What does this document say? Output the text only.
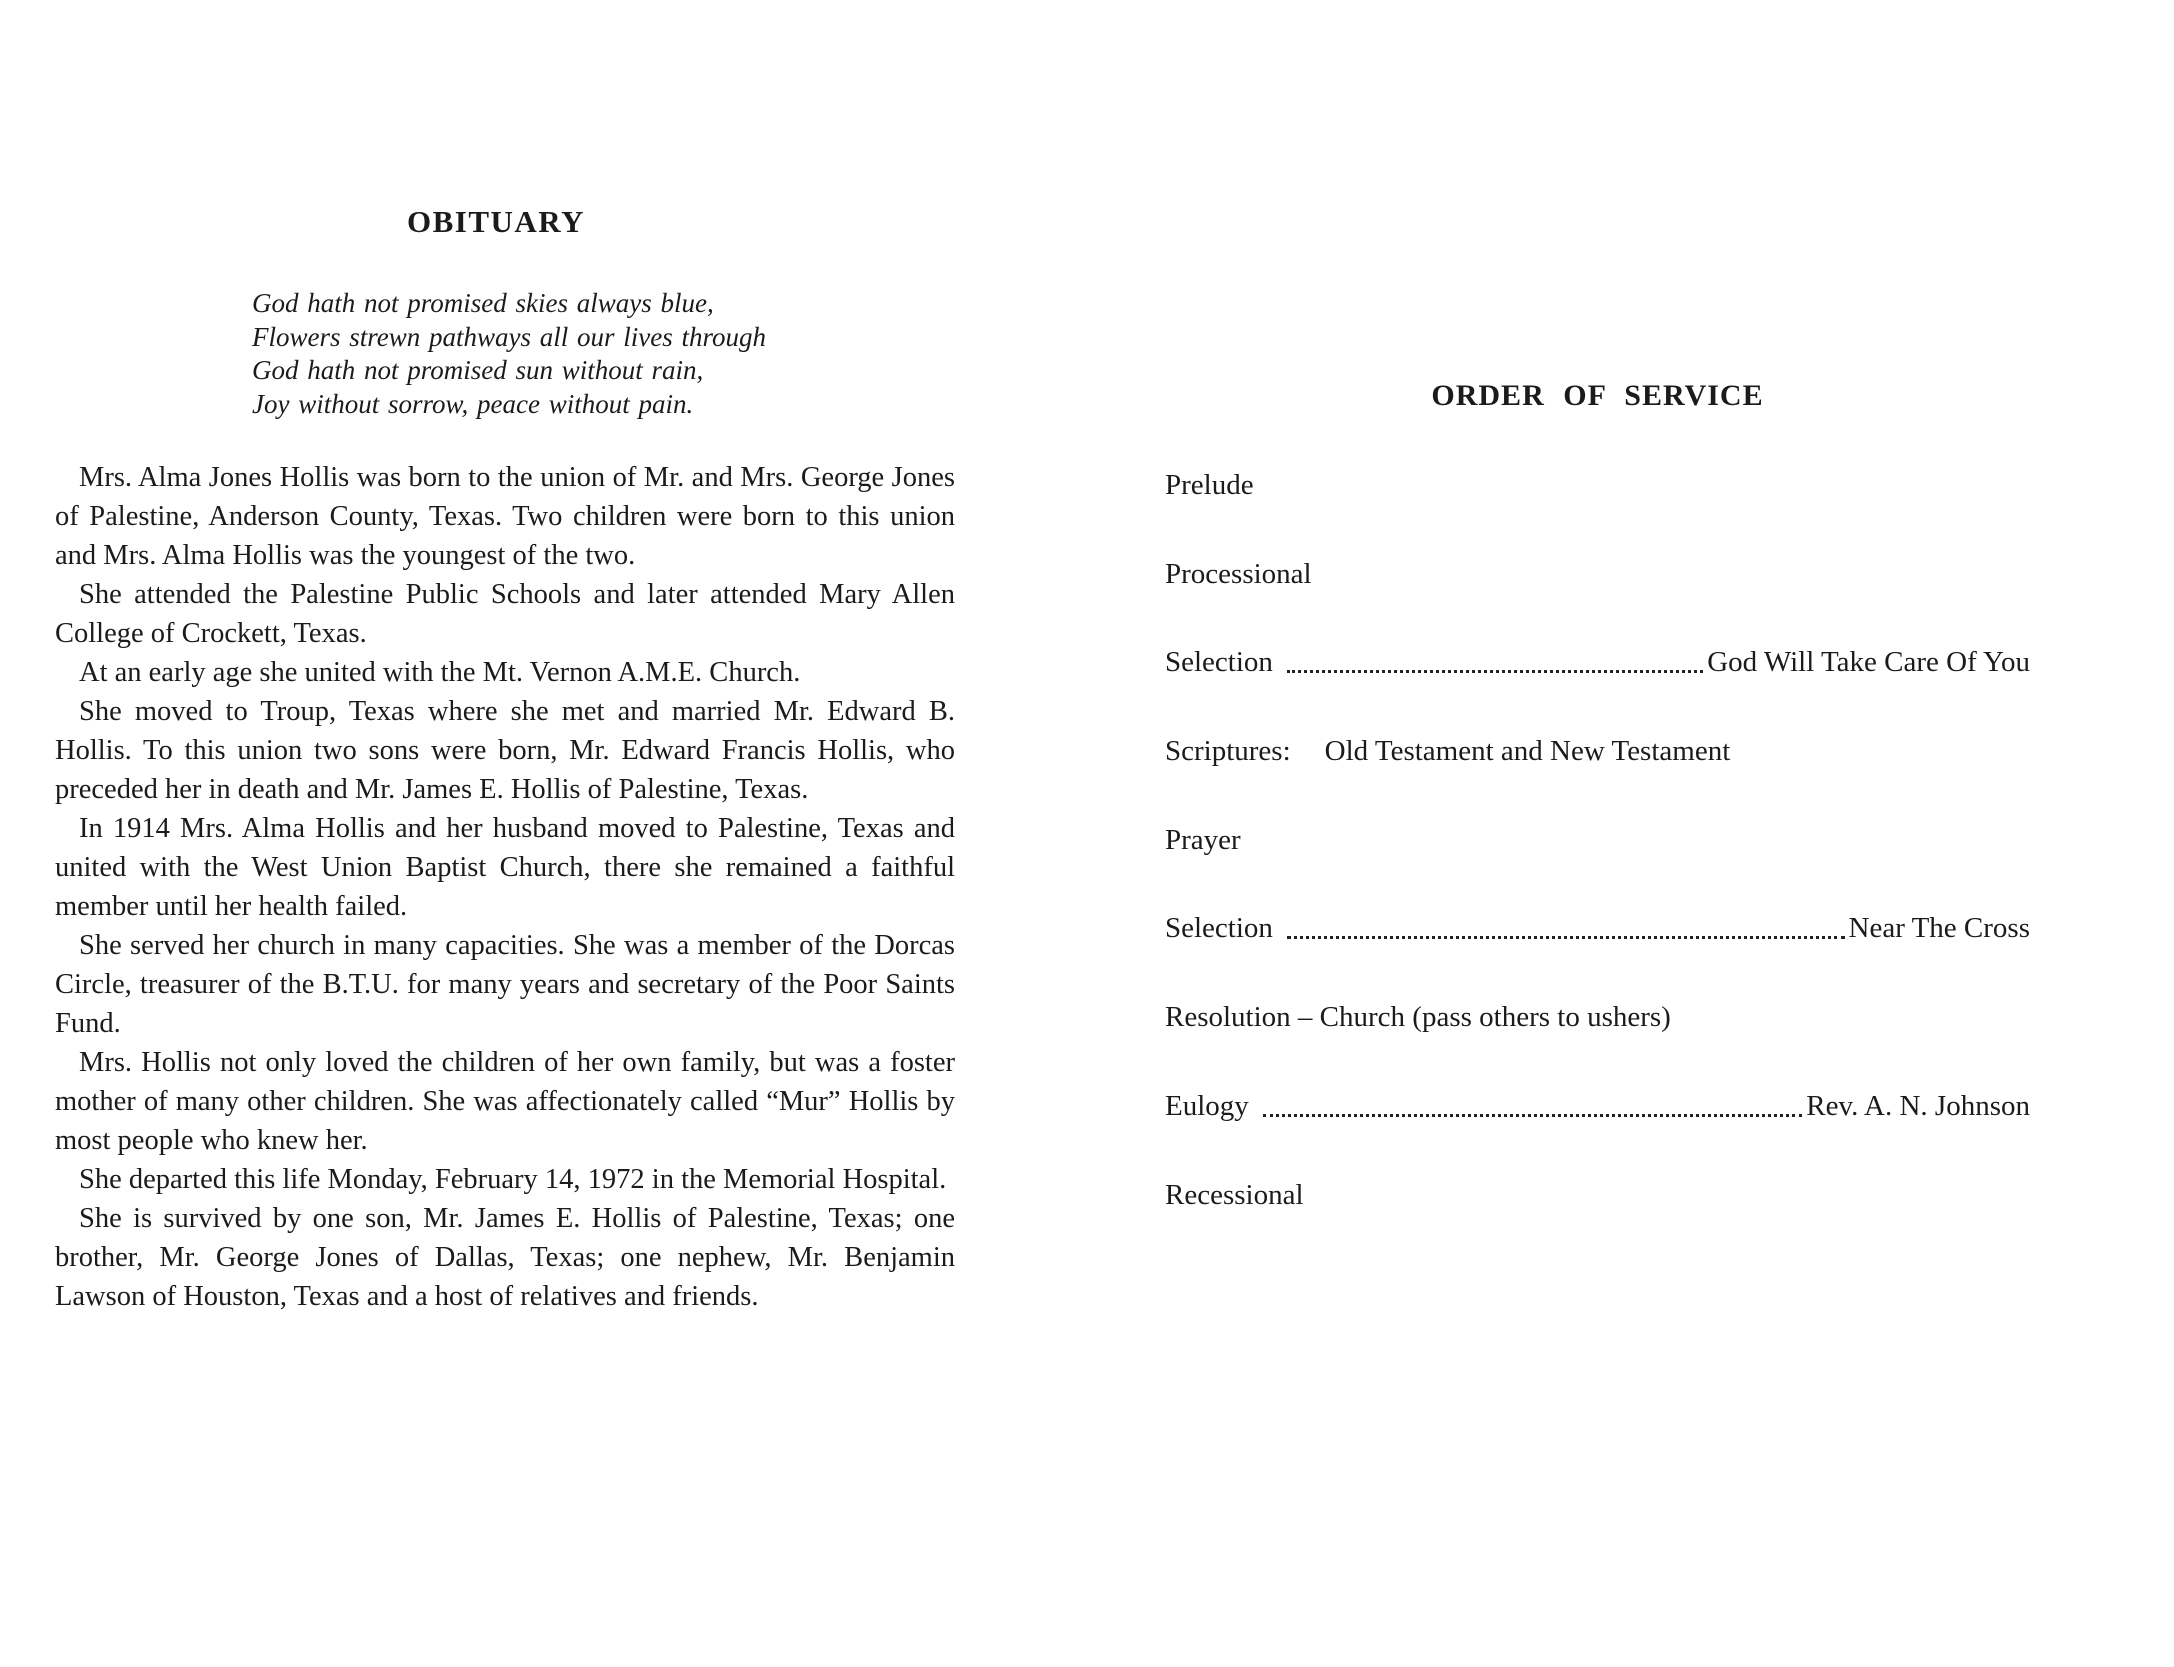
OBITUARY
God hath not promised skies always blue,
Flowers strewn pathways all our lives through
God hath not promised sun without rain,
Joy without sorrow, peace without pain.

Mrs. Alma Jones Hollis was born to the union of Mr. and Mrs. George Jones of Palestine, Anderson County, Texas. Two children were born to this union and Mrs. Alma Hollis was the youngest of the two.

She attended the Palestine Public Schools and later attended Mary Allen College of Crockett, Texas.

At an early age she united with the Mt. Vernon A.M.E. Church.

She moved to Troup, Texas where she met and married Mr. Edward B. Hollis. To this union two sons were born, Mr. Edward Francis Hollis, who preceded her in death and Mr. James E. Hollis of Palestine, Texas.

In 1914 Mrs. Alma Hollis and her husband moved to Palestine, Texas and united with the West Union Baptist Church, there she remained a faithful member until her health failed.

She served her church in many capacities. She was a member of the Dorcas Circle, treasurer of the B.T.U. for many years and secretary of the Poor Saints Fund.

Mrs. Hollis not only loved the children of her own family, but was a foster mother of many other children. She was affectionately called “Mur” Hollis by most people who knew her.

She departed this life Monday, February 14, 1972 in the Memorial Hospital.

She is survived by one son, Mr. James E. Hollis of Palestine, Texas; one brother, Mr. George Jones of Dallas, Texas; one nephew, Mr. Benjamin Lawson of Houston, Texas and a host of relatives and friends.

ORDER OF SERVICE
Prelude
Processional
Selection	God Will Take Care Of You
Scriptures: Old Testament and New Testament
Prayer
Selection	Near The Cross
Resolution – Church (pass others to ushers)
Eulogy	Rev. A. N. Johnson
Recessional
